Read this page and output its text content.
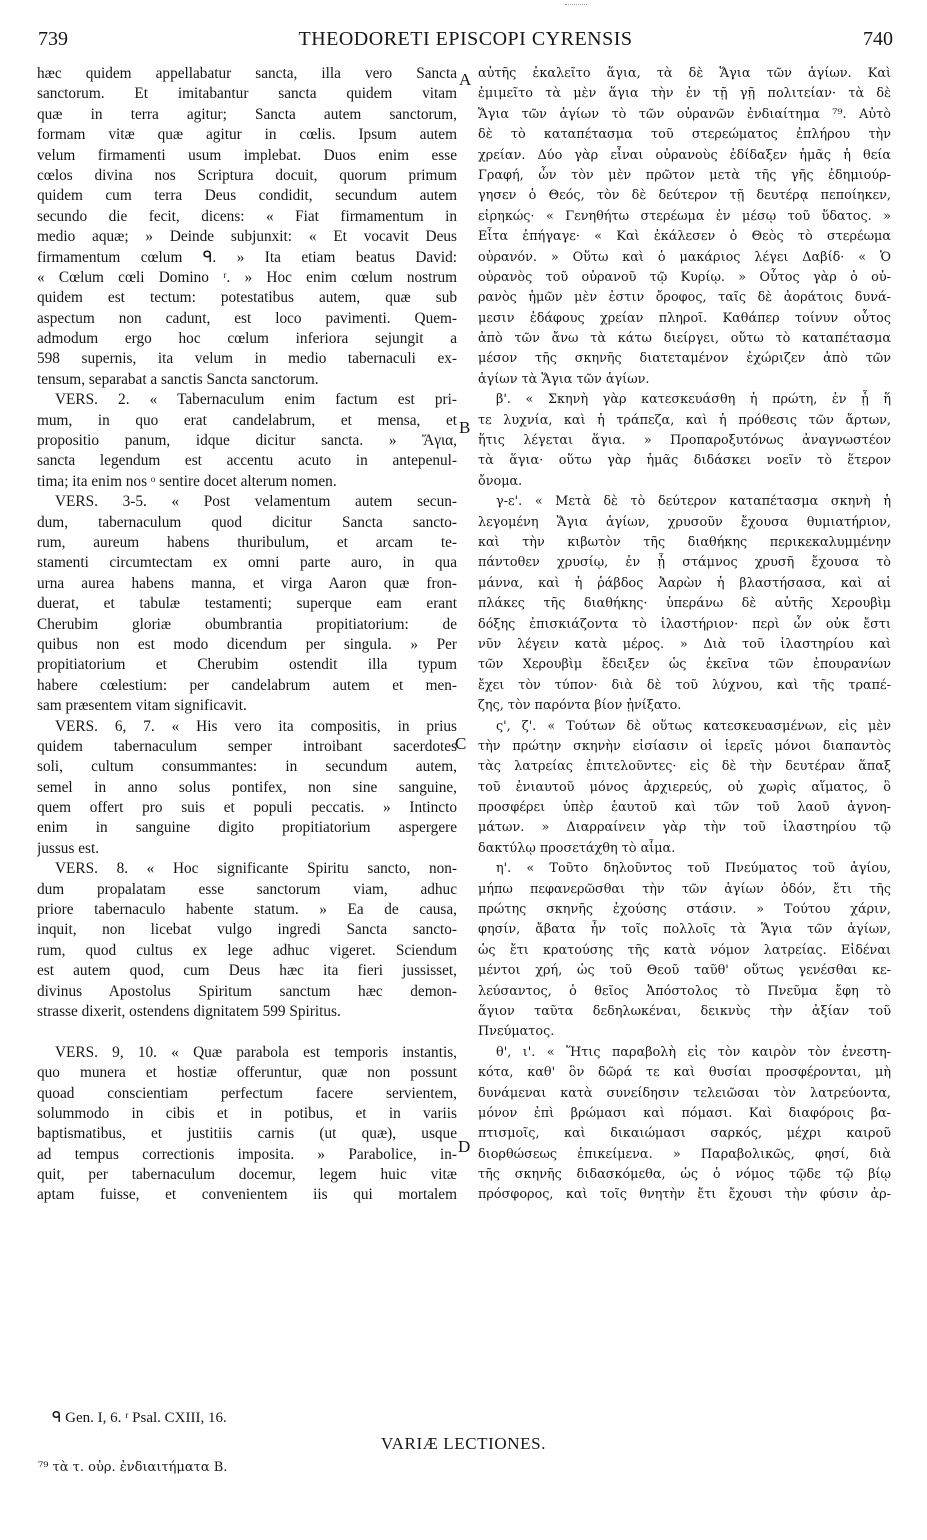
739	THEODORETI EPISCOPI CYRENSIS	740
hæc quidem appellabatur sancta, illa vero Sancta
sanctorum. Et imitabantur sancta quidem vitam
quæ in terra agitur; Sancta autem sanctorum,
formam vitæ quæ agitur in cœlis. Ipsum autem
velum firmamenti usum implebat. Duos enim esse
cœlos divina nos Scriptura docuit, quorum primum
quidem cum terra Deus condidit, secundum autem
secundo die fecit, dicens: « Fiat firmamentum in
medio aquæ; » Deinde subjunxit: « Et vocavit Deus
firmamentum cœlum ᑫ. » Ita etiam beatus David:
« Cœlum cœli Domino ʳ. » Hoc enim cœlum nostrum
quidem est tectum: potestatibus autem, quæ sub
aspectum non cadunt, est loco pavimenti. Quem-
admodum ergo hoc cœlum inferiora sejungit a
598 supernis, ita velum in medio tabernaculi ex-
tensum, separabat a sanctis Sancta sanctorum.
VERS. 2. « Tabernaculum enim factum est pri-
mum, in quo erat candelabrum, et mensa, et
propositio panum, idque dicitur sancta. » Ἅγια,
sancta legendum est accentu acuto in antepenul-
tima; ita enim nos ᵒ sentire docet alterum nomen.
VERS. 3-5. « Post velamentum autem secun-
dum, tabernaculum quod dicitur Sancta sancto-
rum, aureum habens thuribulum, et arcam te-
stamenti circumtectam ex omni parte auro, in qua
urna aurea habens manna, et virga Aaron quæ fron-
duerat, et tabulæ testamenti; superque eam erant
Cherubim gloriæ obumbrantia propitiatorium: de
quibus non est modo dicendum per singula. » Per
propitiatorium et Cherubim ostendit illa typum
habere cœlestium: per candelabrum autem et men-
sam præsentem vitam significavit.
VERS. 6, 7. « His vero ita compositis, in prius
quidem tabernaculum semper introibant sacerdotes
soli, cultum consummantes: in secundum autem,
semel in anno solus pontifex, non sine sanguine,
quem offert pro suis et populi peccatis. » Intincto
enim in sanguine digito propitiatorium aspergere
jussus est.
VERS. 8. « Hoc significante Spiritu sancto, non-
dum propalatam esse sanctorum viam, adhuc
priore tabernaculo habente statum. » Ea de causa,
inquit, non licebat vulgo ingredi Sancta sancto-
rum, quod cultus ex lege adhuc vigeret. Sciendum
est autem quod, cum Deus hæc ita fieri jussisset,
divinus Apostolus Spiritum sanctum hæc demon-
strasse dixerit, ostendens dignitatem 599 Spiritus.
VERS. 9, 10. « Quæ parabola est temporis instantis,
quo munera et hostiæ offeruntur, quæ non possunt
quoad conscientiam perfectum facere servientem,
solummodo in cibis et in potibus, et in variis
baptismatibus, et justitiis carnis (ut quæ), usque
ad tempus correctionis imposita. » Parabolice, in-
quit, per tabernaculum docemur, legem huic vitæ
aptam fuisse, et convenientem iis qui mortalem
αὐτῆς ἐκαλεῖτο ἅγια, τὰ δὲ Ἅγια τῶν ἁγίων. Καὶ
ἐμιμεῖτο τὰ μὲν ἅγια τὴν ἐν τῇ γῇ πολιτείαν· τὰ δὲ
Ἅγια τῶν ἁγίων τὸ τῶν οὐρανῶν ἐνδιαίτημα ⁷⁹. Αὐτὸ
δὲ τὸ καταπέτασμα τοῦ στερεώματος ἐπλήρου τὴν
χρείαν. Δύο γὰρ εἶναι οὐρανοὺς ἐδίδαξεν ἡμᾶς ἡ θεία
Γραφή, ὧν τὸν μὲν πρῶτον μετὰ τῆς γῆς ἐδημιούρ-
γησεν ὁ Θεός, τὸν δὲ δεύτερον τῇ δευτέρᾳ πεποίηκεν,
εἰρηκώς· « Γενηθήτω στερέωμα ἐν μέσῳ τοῦ ὕδατος. »
Εἶτα ἐπήγαγε· « Καὶ ἐκάλεσεν ὁ Θεὸς τὸ στερέωμα
οὐρανόν. » Οὕτω καὶ ὁ μακάριος λέγει Δαβίδ· « Ὁ
οὐρανὸς τοῦ οὐρανοῦ τῷ Κυρίῳ. » Οὗτος γὰρ ὁ οὐ-
ρανὸς ἡμῶν μὲν ἐστιν ὄροφος, ταῖς δὲ ἀοράτοις δυνά-
μεσιν ἐδάφους χρείαν πληροῖ. Καθάπερ τοίνυν οὗτος
ἀπὸ τῶν ἄνω τὰ κάτω διείργει, οὕτω τὸ καταπέτασμα
μέσον τῆς σκηνῆς διατεταμένον ἐχώριζεν ἀπὸ τῶν
ἁγίων τὰ Ἅγια τῶν ἁγίων.
β'. « Σκηνὴ γὰρ κατεσκευάσθη ἡ πρώτη, ἐν ᾗ ἥ
τε λυχνία, καὶ ἡ τράπεζα, καὶ ἡ πρόθεσις τῶν ἄρτων,
ἥτις λέγεται ἅγια. » Προπαροξυτόνως ἀναγνωστέον
τὰ ἅγια· οὕτω γὰρ ἡμᾶς διδάσκει νοεῖν τὸ ἕτερον
ὄνομα.
γ-ε'. « Μετὰ δὲ τὸ δεύτερον καταπέτασμα σκηνὴ ἡ
λεγομένη Ἅγια ἁγίων, χρυσοῦν ἔχουσα θυμιατήριον,
καὶ τὴν κιβωτὸν τῆς διαθήκης περικεκαλυμμένην
πάντοθεν χρυσίῳ, ἐν ᾗ στάμνος χρυσῆ ἔχουσα τὸ
μάννα, καὶ ἡ ῥάβδος Ἀαρὼν ἡ βλαστήσασα, καὶ αἱ
πλάκες τῆς διαθήκης· ὑπεράνω δὲ αὐτῆς Χερουβὶμ
δόξης ἐπισκιάζοντα τὸ ἱλαστήριον· περὶ ὧν οὐκ ἔστι
νῦν λέγειν κατὰ μέρος. » Διὰ τοῦ ἱλαστηρίου καὶ
τῶν Χερουβὶμ ἔδειξεν ὡς ἐκεῖνα τῶν ἐπουρανίων
ἔχει τὸν τύπον· διὰ δὲ τοῦ λύχνου, καὶ τῆς τραπέ-
ζης, τὸν παρόντα βίον ᾐνίξατο.
ς', ζ'. « Τούτων δὲ οὕτως κατεσκευασμένων, εἰς μὲν
τὴν πρώτην σκηνὴν εἰσίασιν οἱ ἱερεῖς μόνοι διαπαντὸς
τὰς λατρείας ἐπιτελοῦντες· εἰς δὲ τὴν δευτέραν ἅπαξ
τοῦ ἐνιαυτοῦ μόνος ἀρχιερεύς, οὐ χωρὶς αἵματος, ὃ
προσφέρει ὑπὲρ ἑαυτοῦ καὶ τῶν τοῦ λαοῦ ἀγνοη-
μάτων. » Διαρραίνειν γὰρ τὴν τοῦ ἱλαστηρίου τῷ
δακτύλῳ προσετάχθη τὸ αἷμα.
η'. « Τοῦτο δηλοῦντος τοῦ Πνεύματος τοῦ ἁγίου,
μήπω πεφανερῶσθαι τὴν τῶν ἁγίων ὁδόν, ἔτι τῆς
πρώτης σκηνῆς ἐχούσης στάσιν. » Τούτου χάριν,
φησίν, ἄβατα ἦν τοῖς πολλοῖς τὰ Ἅγια τῶν ἁγίων,
ὡς ἔτι κρατούσης τῆς κατὰ νόμον λατρείας. Εἰδέναι
μέντοι χρή, ὡς τοῦ Θεοῦ ταῦθ' οὕτως γενέσθαι κε-
λεύσαντος, ὁ θεῖος Ἀπόστολος τὸ Πνεῦμα ἔφη τὸ
ἅγιον ταῦτα δεδηλωκέναι, δεικνὺς τὴν ἀξίαν τοῦ
Πνεύματος.
θ', ι'. « Ἥτις παραβολὴ εἰς τὸν καιρὸν τὸν ἐνεστη-
κότα, καθ' ὃν δῶρά τε καὶ θυσίαι προσφέρονται, μὴ
δυνάμεναι κατὰ συνείδησιν τελειῶσαι τὸν λατρεύοντα,
μόνον ἐπὶ βρώμασι καὶ πόμασι. Καὶ διαφόροις βα-
πτισμοῖς, καὶ δικαιώμασι σαρκός, μέχρι καιροῦ
διορθώσεως ἐπικείμενα. » Παραβολικῶς, φησί, διὰ
τῆς σκηνῆς διδασκόμεθα, ὡς ὁ νόμος τῷδε τῷ βίῳ
πρόσφορος, καὶ τοῖς θνητὴν ἔτι ἔχουσι τὴν φύσιν ἀρ-
A
B
C
D
ᑫ Gen. I, 6. ʳ Psal. CXIII, 16.
VARIÆ LECTIONES.
⁷⁹ τὰ τ. οὐρ. ἐνδιαιτήματα B.
